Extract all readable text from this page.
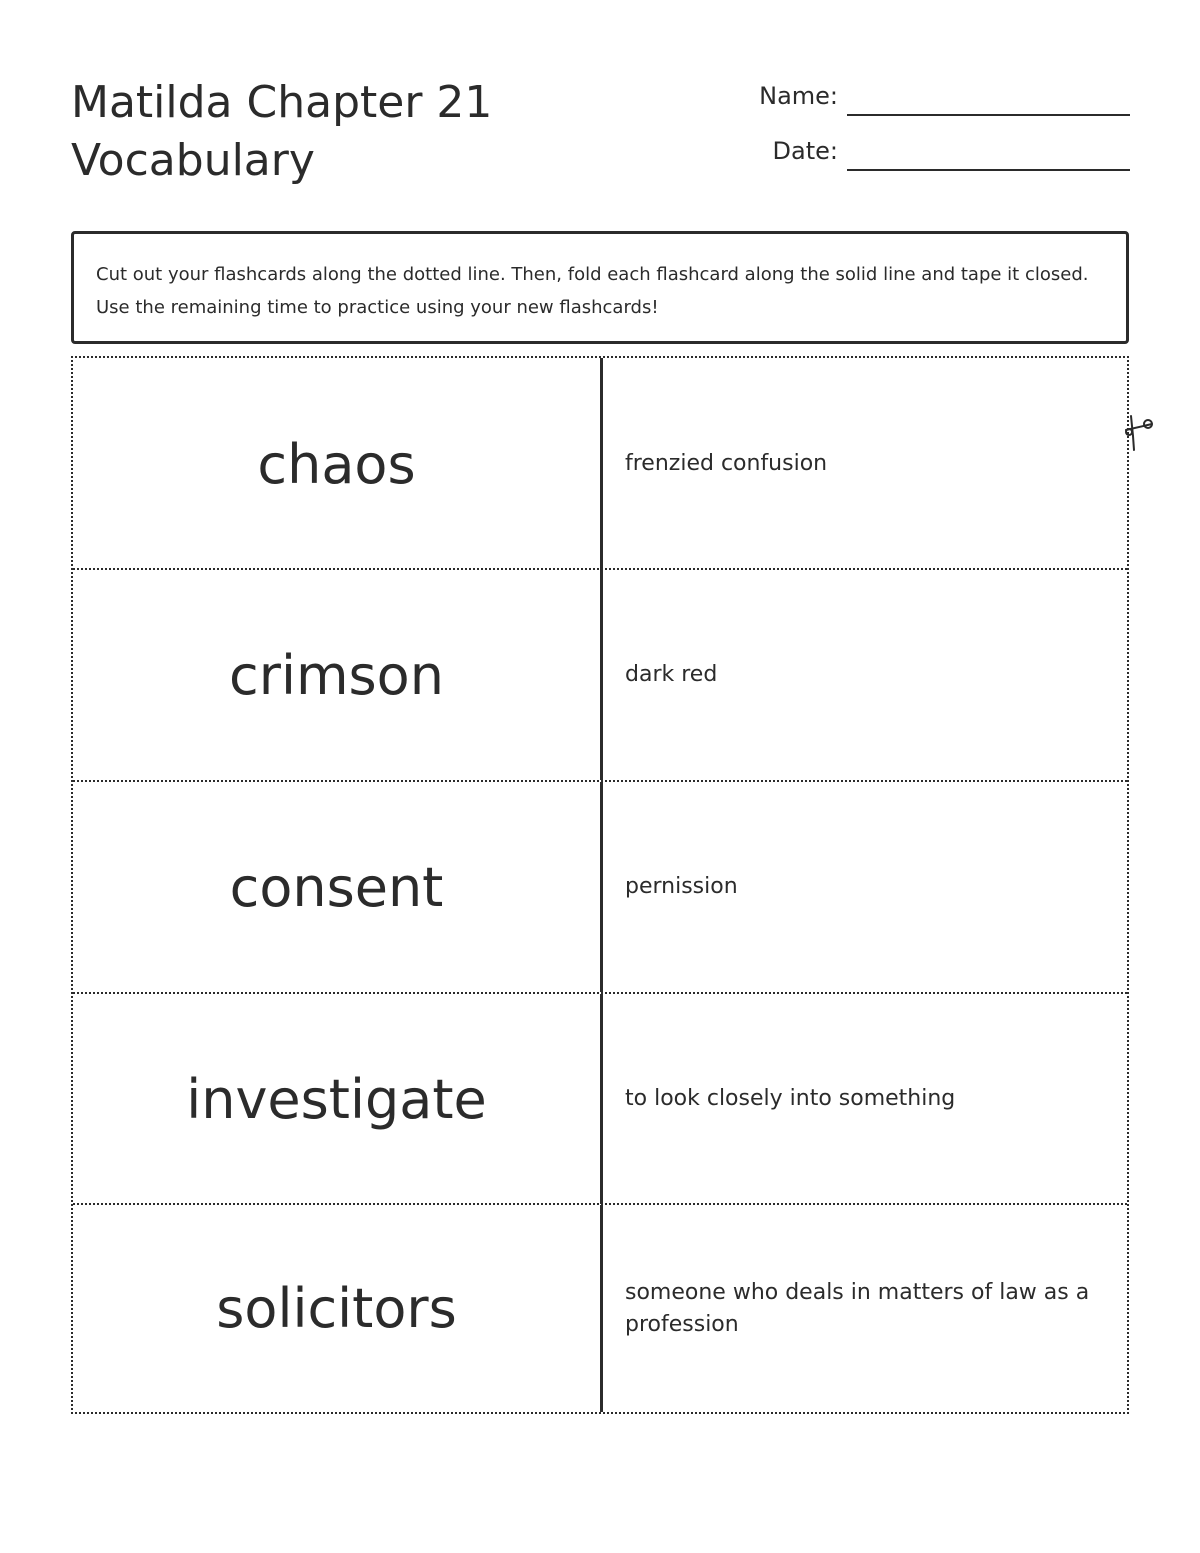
Matilda Chapter 21
Vocabulary
Name:
Date:
Cut out your flashcards along the dotted line. Then, fold each flashcard along the solid line and tape it closed. Use the remaining time to practice using your new flashcards!
chaos	frenzied confusion
crimson	dark red
consent	pernission
investigate	to look closely into something
solicitors	someone who deals in matters of law as a profession
